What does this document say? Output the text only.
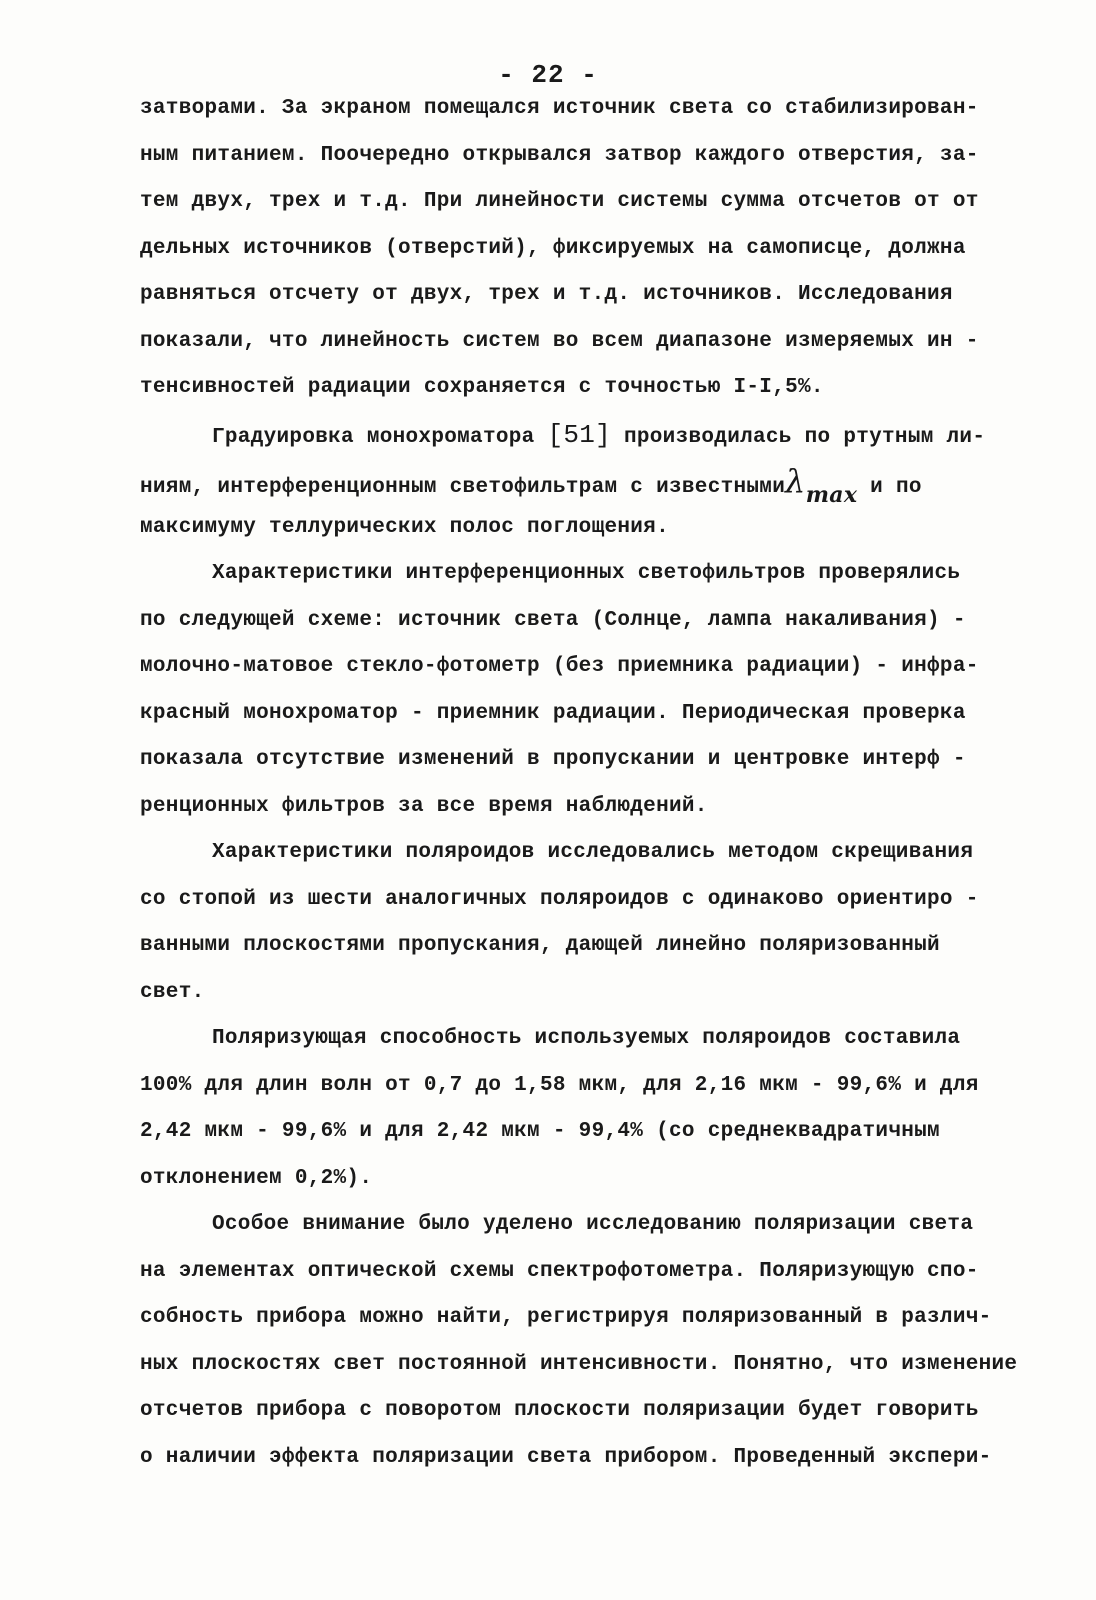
- 22 -
затворами. За экраном помещался источник света со стабилизирован-
ным питанием. Поочередно открывался затвор каждого отверстия, за-
тем двух, трех и т.д. При линейности системы сумма отсчетов от от
дельных источников (отверстий), фиксируемых на самописце, должна
равняться отсчету от двух, трех и т.д. источников. Исследования
показали, что линейность систем во всем диапазоне измеряемых ин -
тенсивностей радиации сохраняется с точностью I-I,5%.
Градуировка монохроматора [51] производилась по ртутным ли-
ниям, интерференционным светофильтрам с известнымиλmax и по
максимуму теллурических полос поглощения.
Характеристики интерференционных светофильтров проверялись
по следующей схеме: источник света (Солнце, лампа накаливания) -
молочно-матовое стекло-фотометр (без приемника радиации) - инфра-
красный монохроматор - приемник радиации. Периодическая проверка
показала отсутствие изменений в пропускании и центровке интерф -
ренционных фильтров за все время наблюдений.
Характеристики поляроидов исследовались методом скрещивания
со стопой из шести аналогичных поляроидов с одинаково ориентиро -
ванными плоскостями пропускания, дающей линейно поляризованный
свет.
Поляризующая способность используемых поляроидов составила
100% для длин волн от 0,7 до 1,58 мкм, для 2,16 мкм - 99,6% и для
2,42 мкм - 99,6% и для 2,42 мкм - 99,4% (со среднеквадратичным
отклонением 0,2%).
Особое внимание было уделено исследованию поляризации света
на элементах оптической схемы спектрофотометра. Поляризующую спо-
собность прибора можно найти, регистрируя поляризованный в различ-
ных плоскостях свет постоянной интенсивности. Понятно, что изменение
отсчетов прибора с поворотом плоскости поляризации будет говорить
о наличии эффекта поляризации света прибором. Проведенный экспери-
